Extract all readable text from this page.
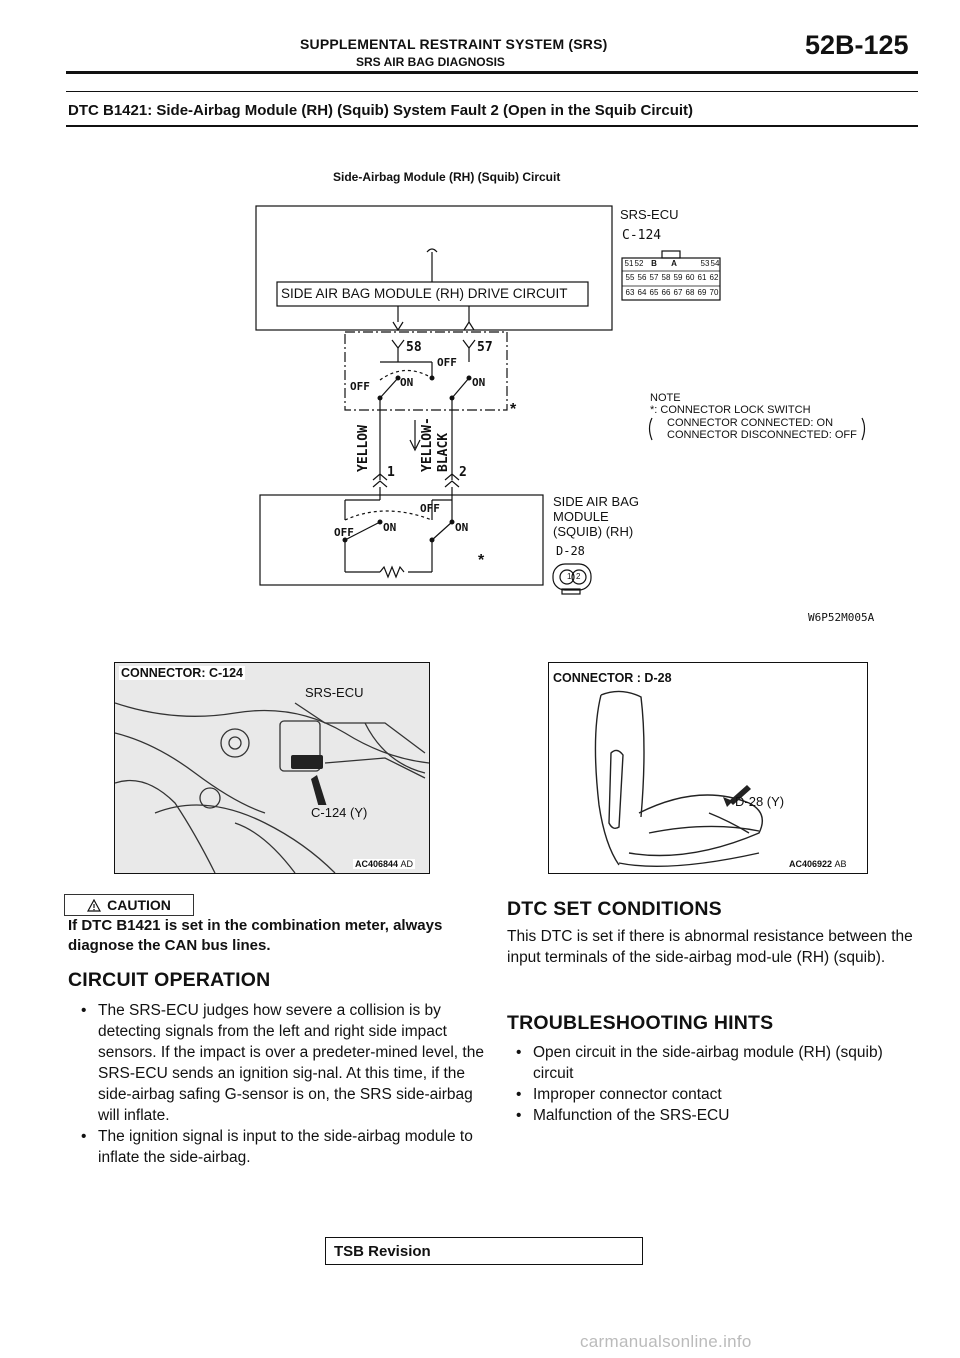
SUPPLEMENTAL RESTRAINT SYSTEM (SRS)
SRS AIR BAG DIAGNOSIS
52B-125
DTC B1421: Side-Airbag Module (RH) (Squib) System Fault 2 (Open in the Squib Circuit)
Side-Airbag Module (RH) (Squib) Circuit
SRS-ECU
C-124
SIDE AIR BAG MODULE (RH) DRIVE CIRCUIT
58	57
OFF	ON
OFF
ON
*
YELLOW	YELLOW- BLACK
1	2
OFF	ON
OFF
ON
*
SIDE AIR BAG
MODULE
(SQUIB) (RH)
D-28
1 2
NOTE
*: CONNECTOR LOCK SWITCH
CONNECTOR CONNECTED: ON
CONNECTOR DISCONNECTED: OFF
W6P52M005A
51 52 B	A	53 54
55 56 57 58 59 60 61 62
63 64 65 66 67 68 69 70
CONNECTOR: C-124
SRS-ECU
C-124 (Y)
AC406844 AD
CONNECTOR : D-28
D-28 (Y)
AC406922 AB
CAUTION
If DTC B1421 is set in the combination meter, always diagnose the CAN bus lines.
CIRCUIT OPERATION
• The SRS-ECU judges how severe a collision is by detecting signals from the left and right side impact sensors. If the impact is over a predeter-mined level, the SRS-ECU sends an ignition sig-nal. At this time, if the side-airbag safing G-sensor is on, the SRS side-airbag will inflate.
• The ignition signal is input to the side-airbag module to inflate the side-airbag.
DTC SET CONDITIONS
This DTC is set if there is abnormal resistance between the input terminals of the side-airbag mod-ule (RH) (squib).
TROUBLESHOOTING HINTS
• Open circuit in the side-airbag module (RH) (squib) circuit
• Improper connector contact
• Malfunction of the SRS-ECU
TSB Revision
carmanualsonline.info
